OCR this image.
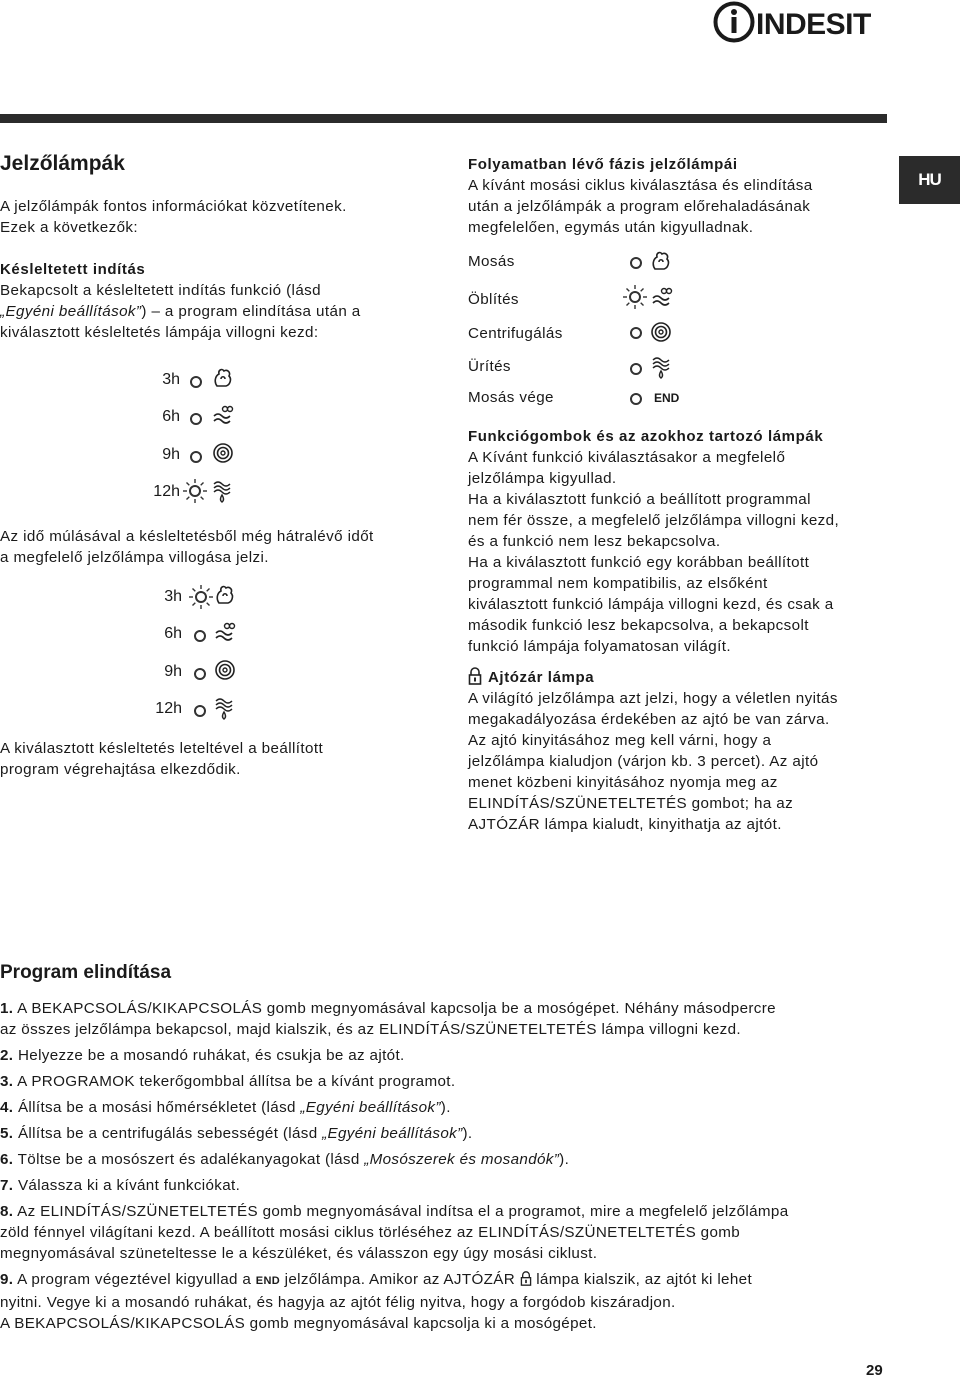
INDESIT
HU
Jelzőlámpák

A jelzőlámpák fontos információkat közvetítenek.

Ezek a következők:

Késleltetett indítás

Bekapcsolt a késleltetett indítás funkció (lásd

„Egyéni beállítások”) – a program elindítása után a

kiválasztott késleltetés lámpája villogni kezd:

3h
6h
9h
12h

Az idő múlásával a késleltetésből még hátralévő időt

a megfelelő jelzőlámpa villogása jelzi.

3h
6h
9h
12h

A kiválasztott késleltetés leteltével a beállított

program végrehajtása elkezdődik.

Folyamatban lévő fázis jelzőlámpái

A kívánt mosási ciklus kiválasztása és elindítása

után a jelzőlámpák a program előrehaladásának

megfelelően, egymás után kigyulladnak.

Mosás
Öblítés
Centrifugálás
Ürítés
Mosás vége	END
Funkciógombok és az azokhoz tartozó lámpák

A Kívánt funkció kiválasztásakor a megfelelő

jelzőlámpa kigyullad.

Ha a kiválasztott funkció a beállított programmal

nem fér össze, a megfelelő jelzőlámpa villogni kezd,

és a funkció nem lesz bekapcsolva.

Ha a kiválasztott funkció egy korábban beállított

programmal nem kompatibilis, az elsőként

kiválasztott funkció lámpája villogni kezd, és csak a

második funkció lesz bekapcsolva, a bekapcsolt

funkció lámpája folyamatosan világít.

Ajtózár lámpa

A világító jelzőlámpa azt jelzi, hogy a véletlen nyitás

megakadályozása érdekében az ajtó be van zárva.

Az ajtó kinyitásához meg kell várni, hogy a

jelzőlámpa kialudjon (várjon kb. 3 percet). Az ajtó

menet közbeni kinyitásához nyomja meg az

ELINDÍTÁS/SZÜNETELTETÉS gombot; ha az

AJTÓZÁR lámpa kialudt, kinyithatja az ajtót.

Program elindítása

1. A BEKAPCSOLÁS/KIKAPCSOLÁS gomb megnyomásával kapcsolja be a mosógépet. Néhány másodpercre
az összes jelzőlámpa bekapcsol, majd kialszik, és az ELINDÍTÁS/SZÜNETELTETÉS lámpa villogni kezd.

2. Helyezze be a mosandó ruhákat, és csukja be az ajtót.

3. A PROGRAMOK tekerőgombbal állítsa be a kívánt programot.

4. Állítsa be a mosási hőmérsékletet (lásd „Egyéni beállítások”).

5. Állítsa be a centrifugálás sebességét (lásd „Egyéni beállítások”).

6. Töltse be a mosószert és adalékanyagokat (lásd „Mosószerek és mosandók”).

7. Válassza ki a kívánt funkciókat.

8. Az ELINDÍTÁS/SZÜNETELTETÉS gomb megnyomásával indítsa el a programot, mire a megfelelő jelzőlámpa
zöld fénnyel világítani kezd. A beállított mosási ciklus törléséhez az ELINDÍTÁS/SZÜNETELTETÉS gomb
megnyomásával szüneteltesse le a készüléket, és válasszon egy úgy mosási ciklust.

9. A program végeztével kigyullad a END jelzőlámpa. Amikor az AJTÓZÁR  lámpa kialszik, az ajtót ki lehet
nyitni. Vegye ki a mosandó ruhákat, és hagyja az ajtót félig nyitva, hogy a forgódob kiszáradjon.
A BEKAPCSOLÁS/KIKAPCSOLÁS gomb megnyomásával kapcsolja ki a mosógépet.

29
